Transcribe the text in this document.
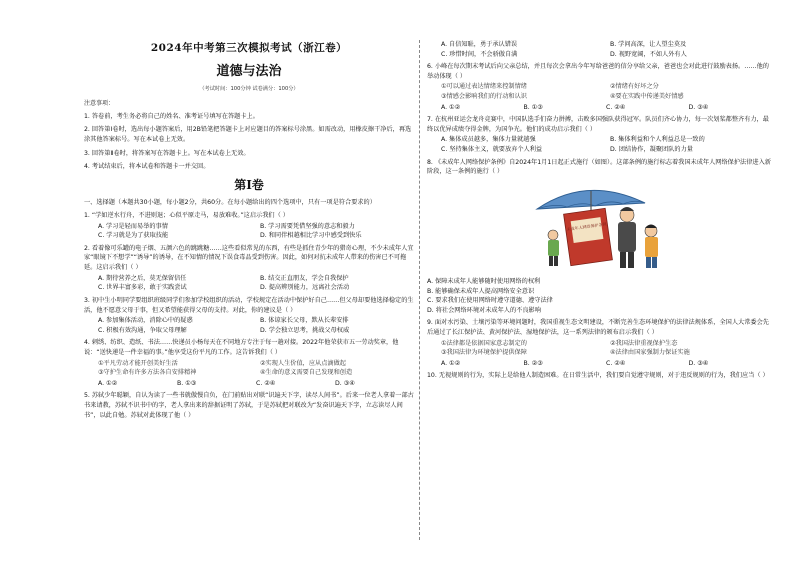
2024年中考第三次模拟考试（浙江卷）
道德与法治
（考试时间：100分钟 试卷满分：100分）
注意事项：
1. 答卷前，考生务必将自己的姓名、准考证号填写在答题卡上。
2. 回答第Ⅰ卷时，选出每小题答案后，用2B铅笔把答题卡上对应题目的答案标号涂黑。如需改动，用橡皮擦干净后，再选涂其他答案标号。写在本试卷上无效。
3. 回答第Ⅱ卷时，将答案写在答题卡上。写在本试卷上无效。
4. 考试结束后，将本试卷和答题卡一并交回。
第Ⅰ卷
一、选择题（本题共30小题，每小题2分，共60分。在每小题给出的四个选项中，只有一项是符合要求的）
1. “学如逆水行舟，不进则退；心似平原走马，易放难收。”这启示我们（ ）
A. 学习是轻而易举的事情	B. 学习需要凭借坚强的意志和毅力
C. 学习就是为了获取技能	D. 和同伴相越相比学习中感受到快乐
2. 看着像可乐罐的电子烟、五颜六色的跳跳糖……这些看似常见的东西，有些是抓住青少年的猎奇心理，不少未成年人宜家“眼镜下不想学”“诱导”的诱导，在不知情的情况下误食毒品受到伤害。因此，如何对抗未成年人带来的伤害已不可拖延。这启示我们（ ）
A. 期待营养之后，莫无保留信任	B. 结交正直朋友，学会自我保护
C. 世界丰富多彩，敢于实践尝试	D. 提高辨别能力，远离社会活动
3. 初中生小明同学要组织班级同学们参加学校组织的活动，学校规定在活动中保护好自己……但父母却要他选择稳定的生活，他不愿意父母于事，但又希望能获得父母的支持。对此，你的建议是（ ）
A. 参加集体活动，消除心中的疑惑	B. 体谅家长父母，默从长辈安排
C. 积极有效沟通，争取父母理解	D. 学会独立思考，挑战父母权威
4. 刺绣、纺织、造纸、书法……快递员小杨每天在不同地方专注于每一趟对接。2022年他荣获市五一劳动奖章，他说：“送快递是一件幸福的事。”他享受这份平凡的工作。这告诉我们（ ）
①平凡劳动才能开创美好生活	②实现人生价值，应从点滴做起
③守护生命有许多方法各自安排精神	④生命的意义需要自己发现和创造
A. ①②	B. ①③	C. ②④	D. ③④
5. 苏轼少年聪颖，自认为读了一些书就傲慢自负，在门前贴出对联“识遍天下字，读尽人间书”。后来一位老人拿着一部古书来请教，苏轼不识书中的字，老人拿出来的辞据证明了苏轼，于是苏轼把对联改为“发奋识遍天下字，立志读尽人间书”，以此自勉。苏轼对此体现了他（ ）
A. 自信知耻，勇于承认错误	B. 学问高深，让人望尘莫及
C. 珍惜时间，不会骄傲自满	D. 视野宽阔，不如人外有人
6. 小峰在每次期末考试后向父亲总结，并且每次会拿出今年写给爸爸的信分享给父亲，爸爸也会对此进行鼓励表扬。……他的举动体现（ ）
①可以通过表达情绪来控制情绪	②情绪有好坏之分
③情感会影响我们的行动和认识	④要在实践中传递美好情感
A. ①②	B. ①③	C. ②④	D. ③④
7. 在杭州亚运会龙舟竞赛中，中国队选手们奋力拼搏，击败多国强队获得冠军。队员们齐心协力，每一次划桨都整齐有力，最终以优异成绩夺得金牌，为国争光。他们的成功启示我们（ ）
A. 集体成员越多，集体力量就越强	B. 集体利益和个人利益总是一致的
C. 坚持集体主义，就要放弃个人利益	D. 团结协作，凝聚团队的力量
8. 《未成年人网络保护条例》自2024年1月1日起正式施行（如图）。这部条例的施行标志着我国未成年人网络保护法律进入新阶段，这一条例的施行（ ）
未成年人网络保护条例
A. 保障未成年人能够随时使用网络的权利
B. 能够确保未成年人提高网络安全意识
C. 要求我们在使用网络时遵守道德、遵守法律
D. 将社会网络环境对未成年人的不良影响
9. 面对水污染、土壤污染等环境问题时，我国重视生态文明建设，不断完善生态环境保护的法律法规体系，全国人大常委会先后通过了长江保护法、黄河保护法、湿地保护法，这一系列法律的颁布启示我们（ ）
①法律都是依据国家意志制定的	②我国法律重视保护生态
③我国法律为环境保护提供保障	④法律由国家强制力保证实施
A. ①②	B. ②③	C. ②④	D. ③④
10. 无视规则的行为，实际上是给他人制造困难。在日常生活中，我们要自觉遵守规则，对于违反规则的行为，我们应当（ ）
